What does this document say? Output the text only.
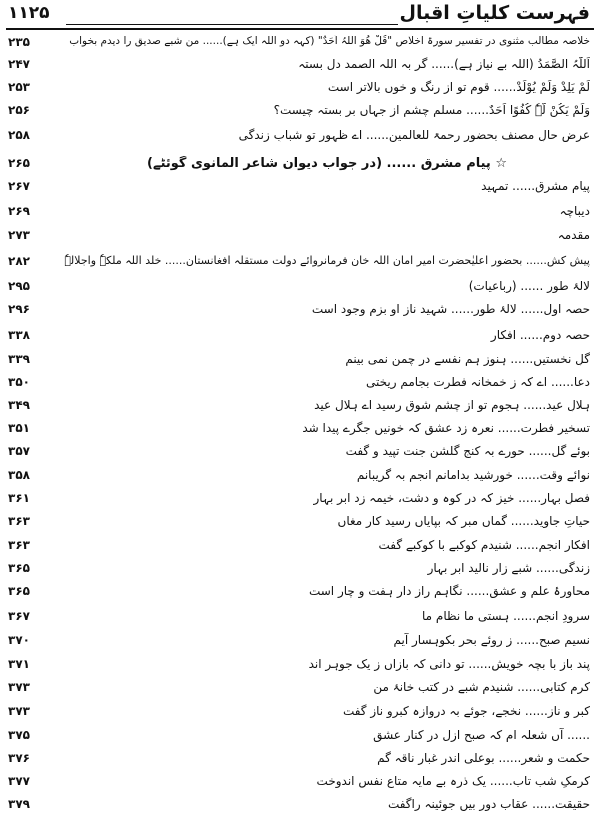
۱۱۲۵	فہرست کلیاتِ اقبال
۲۳۵	خلاصہ مطالب مثنوی در تفسیر سورۃ اخلاص "قُلْ ھُوَ اللّٰہُ اَحَدٌ" (کہہ دو اللہ ایک ہے)...... من شبے صدیق را دیدم بخواب
۲۴۷	اَللّٰہُ الصَّمَدُ (اللہ بے نیاز ہے)...... گر بہ اللہ الصمد دل بستہ
۲۵۳	لَمْ یَلِدْ وَلَمْ یُوْلَدْ...... قوم تو از رنگ و خوں بالاتر است
۲۵۶	وَلَمْ یَکُنْ لَّہٗ کُفُوًا اَحَدٌ...... مسلم چشم از جہاں بر بستہ چیست؟
۲۵۸	عرضِ حالِ مصنف بحضور رحمۃ للعالمین...... اے ظہور تو شبابِ زندگی
۲۶۵	☆ پیامِ مشرق ...... (در جواب دیوان شاعر المانوی گوئٹے)
۲۶۷	پیامِ مشرق...... تمہید
۲۶۹	دیباچہ
۲۷۳	مقدمہ
۲۸۲	پیش کش...... بحضور اعلیٰحضرت امیر امان اللہ خان فرمانروائے دولت مستقلہ افغانستان...... خلد اللہ ملکہٗ واجلالہٗ
۲۹۵	لالۂ طور ...... (رباعیات)
۲۹۶	حصہ اول...... لالۂ طور...... شہید ناز او بزم وجود است
۳۳۸	حصہ دوم...... افکار
۳۳۹	گلِ نخستیں...... ہنوز ہم نفسے در چمن نمی بینم
۳۵۰	دعا...... اے کہ ز خمخانہ فطرت بجامم ریختی
۳۴۹	ہلالِ عید...... ہجوم تو از چشم شوق رسید اے ہلال عید
۳۵۱	تسخیرِ فطرت...... نعرہ زد عشق کہ خونیں جگرے پیدا شد
۳۵۷	بوئے گل...... حورے بہ کنج گلشن جنت تپید و گفت
۳۵۸	نوائے وقت...... خورشید بدامانم انجم بہ گریبانم
۳۶۱	فصلِ بہار...... خیز کہ در کوہ و دشت، خیمہ زد ابر بہار
۳۶۳	حیاتِ جاوید...... گماں مبر کہ بپایاں رسید کار مغاں
۳۶۳	افکارِ انجم...... شنیدم کوکبے با کوکبے گفت
۳۶۵	زندگی...... شبے زار نالید ابر بہار
۳۶۵	محاورۂ علم و عشق...... نگاہم راز دار ہفت و چار است
۳۶۷	سرودِ انجم...... ہستی ما نظام ما
۳۷۰	نسیمِ صبح...... ز روئے بحر بکوہسار آیم
۳۷۱	پند باز با بچہ خویش...... تو دانی کہ بازاں ز یک جوہر اند
۳۷۳	کرمِ کتابی...... شنیدم شبے در کتب خانۂ من
۳۷۳	کبر و ناز...... نخجے، جوئے بہ دروازہ کبرو ناز گفت
۳۷۵	...... آں شعلہ ام کہ صبح ازل در کنار عشق
۳۷۶	حکمت و شعر...... بوعلی اندر غبار ناقہ گم
۳۷۷	کرمکِ شب تاب...... یک ذرہ بے مایہ متاعِ نفس اندوخت
۳۷۹	حقیقت...... عقاب دور بیں جوئینہ راگفت
